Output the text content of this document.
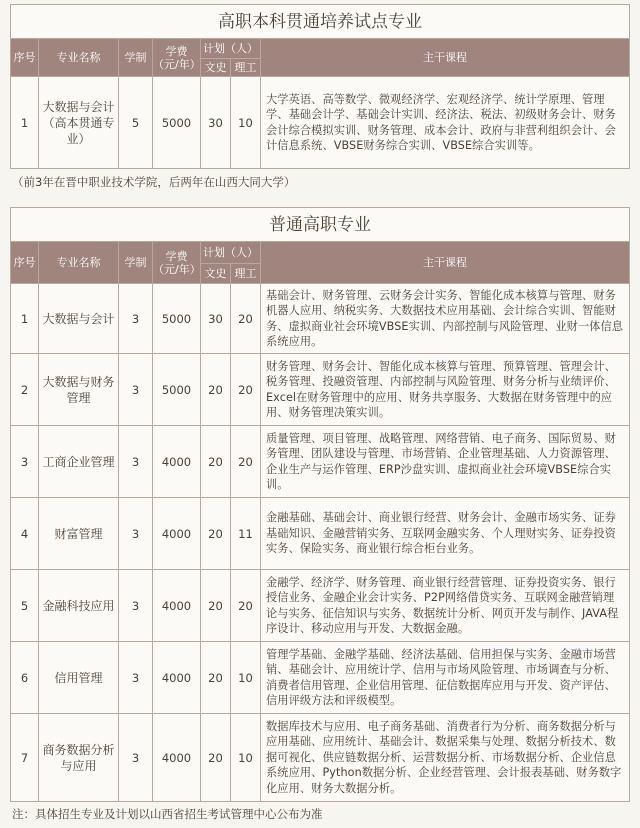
高职本科贯通培养试点专业
序号	专业名称	学制	学费（元/年）	计划（人）		主干课程
				文史	理工	
1	大数据与会计（高本贯通专业）	5	5000	30	10	大学英语、高等数学、微观经济学、宏观经济学、统计学原理、管理学、基础会计学、基础会计实训、经济法、税法、初级财务会计、财务会计综合模拟实训、财务管理、成本会计、政府与非营利组织会计、会计信息系统、VBSE财务综合实训、VBSE综合实训等。
（前3年在晋中职业技术学院，后两年在山西大同大学）
普通高职专业
序号	专业名称	学制	学费（元/年）	计划（人）		主干课程
				文史	理工	
1	大数据与会计	3	5000	30	20	基础会计、财务管理、云财务会计实务、智能化成本核算与管理、财务机器人应用、纳税实务、大数据技术应用基础、会计综合实训、智能财务、虚拟商业社会环境VBSE实训、内部控制与风险管理、业财一体信息系统应用。
2	大数据与财务管理	3	5000	20	20	财务管理、财务会计、智能化成本核算与管理、预算管理、管理会计、税务管理、投融资管理、内部控制与风险管理、财务分析与业绩评价、Excel在财务管理中的应用、财务共享服务、大数据在财务管理中的应用、财务管理决策实训。
3	工商企业管理	3	4000	20	20	质量管理、项目管理、战略管理、网络营销、电子商务、国际贸易、财务管理、团队建设与管理、市场营销、企业管理基础、人力资源管理、企业生产与运作管理、ERP沙盘实训、虚拟商业社会环境VBSE综合实训。
4	财富管理	3	4000	20	11	金融基础、基础会计、商业银行经营、财务会计、金融市场实务、证券基础知识、金融营销实务、互联网金融实务、个人理财实务、证券投资实务、保险实务、商业银行综合柜台业务。
5	金融科技应用	3	4000	20	20	金融学、经济学、财务管理、商业银行经营管理、证券投资实务、银行授信业务、金融企业会计实务、P2P网络借贷实务、互联网金融营销理论与实务、征信知识与实务、数据统计分析、网页开发与制作、JAVA程序设计、移动应用与开发、大数据金融。
6	信用管理	3	4000	20	10	管理学基础、金融学基础、经济法基础、信用担保与实务、金融市场营销、基础会计、应用统计学、信用与市场风险管理、市场调查与分析、消费者信用管理、企业信用管理、征信数据库应用与开发、资产评估、信用评级方法和评级模型。
7	商务数据分析与应用	3	4000	20	10	数据库技术与应用、电子商务基础、消费者行为分析、商务数据分析与应用基础、应用统计、基础会计、数据采集与处理、数据分析技术、数据可视化、供应链数据分析、运营数据分析、市场数据分析、企业信息系统应用、Python数据分析、企业经营管理、会计报表基础、财务数字化应用、财务大数据分析。
注：具体招生专业及计划以山西省招生考试管理中心公布为准
